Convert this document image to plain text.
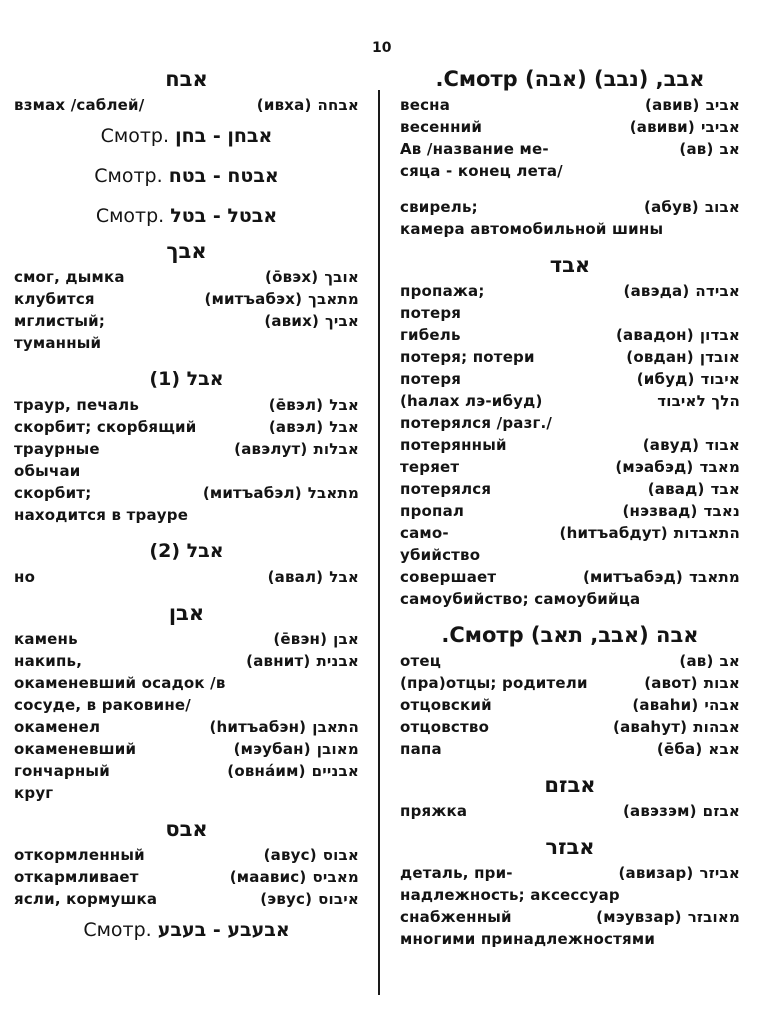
10
אבח
взмах /саблей/	(ивха) אבחה
Смотр. אבחן - בחן
Смотр. אבטח - בטח
Смотр. אבטל - בטל
אבך
смог, дымка	(ōвэх) אובך
клубится	(митъабэх) מתאבך
мглистый;	(авих) אביך
туманный
אבל (1)
траур, печаль	(ēвэл) אבל
скорбит; скорбящий	(авэл) אבל
траурные	(авэлут) אבלות
обычаи
скорбит;	(митъабэл) מתאבל
находится в трауре
אבל (2)
но	(авал) אבל
אבן
камень	(ēвэн) אבן
накипь,	(авнит) אבנית
окаменевший осадок /в
сосуде, в раковине/
окаменел	(hитъабэн) התאבן
окаменевший	(мэубан) מאובן
гончарный	(овнáим) אבניים
круг
אבס
откормленный	(авус) אבוס
откармливает	(маавис) מאביס
ясли, кормушка	(эвус) איבוס
Смотр. אבעבע - בעבע
אבב, (נבב) (אבה) Смотр.
весна	(авив) אביב
весенний	(авиви) אביבי
Ав /название ме-	(ав) אב
сяца - конец лета/
свирель;	(абув) אבוב
камера автомобильной шины
אבד
пропажа;	(авэда) אבידה
потеря
гибель	(авадон) אבדון
потеря; потери	(овдан) אובדן
потеря	(ибуд) איבוד
(hалах лэ-ибуд)	הלך לאיבוד
потерялся /разг./
потерянный	(авуд) אבוד
теряет	(мэабэд) מאבד
потерялся	(авад) אבד
пропал	(нэзвад) נאבד
само-	(hитъабдут) התאבדות
убийство
совершает	(митъабэд) מתאבד
самоубийство; самоубийца
אבה (אבב, תאב) Смотр.
отец	(ав) אב
(пра)отцы; родители	(авот) אבות
отцовский	(аваhи) אבהי
отцовство	(аваhут) אבהות
папа	(ēба) אבא
אבזם
пряжка	(авэзэм) אבזם
אבזר
деталь, при-	(авизар) אביזר
надлежность; аксессуар
снабженный	(мэувзар) מאובזר
многими принадлежностями
